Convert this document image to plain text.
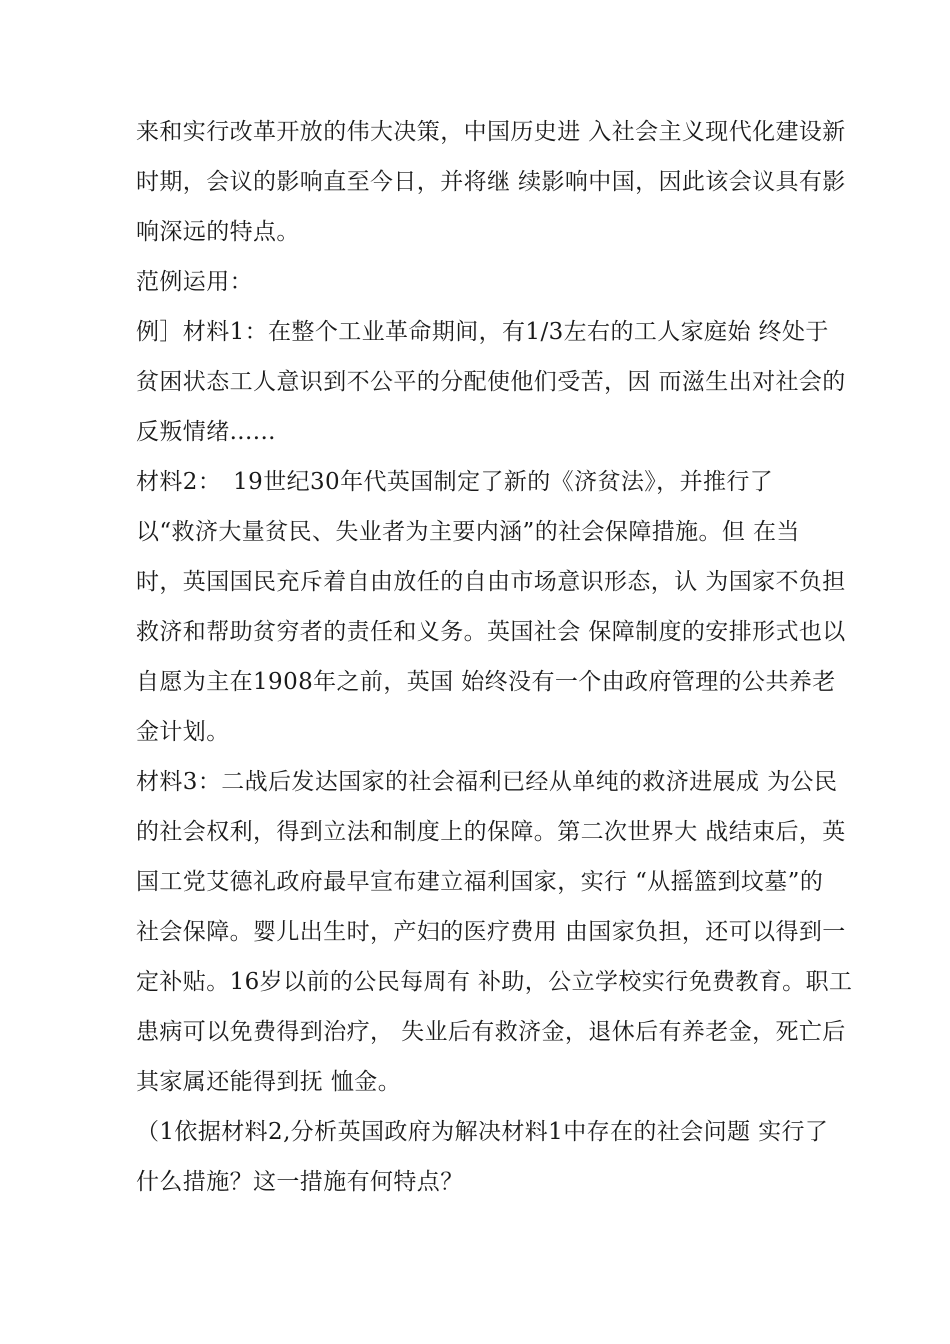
来和实行改革开放的伟大决策，中国历史进 入社会主义现代化建设新

时期，会议的影响直至今日，并将继 续影响中国，因此该会议具有影

响深远的特点。

范例运用：

例］材料1：在整个工业革命期间，有1/3左右的工人家庭始 终处于

贫困状态工人意识到不公平的分配使他们受苦，因 而滋生出对社会的

反叛情绪......

材料2：　19世纪30年代英国制定了新的《济贫法》，并推行了

以“救济大量贫民、失业者为主要内涵”的社会保障措施。但 在当

时，英国国民充斥着自由放任的自由市场意识形态，认 为国家不负担

救济和帮助贫穷者的责任和义务。英国社会 保障制度的安排形式也以

自愿为主在1908年之前，英国 始终没有一个由政府管理的公共养老

金计划。

材料3：二战后发达国家的社会福利已经从单纯的救济进展成 为公民

的社会权利，得到立法和制度上的保障。第二次世界大 战结束后，英

国工党艾德礼政府最早宣布建立福利国家，实行 “从摇篮到坟墓”的

社会保障。婴儿出生时，产妇的医疗费用 由国家负担，还可以得到一

定补贴。16岁以前的公民每周有 补助，公立学校实行免费教育。职工

患病可以免费得到治疗， 失业后有救济金，退休后有养老金，死亡后

其家属还能得到抚 恤金。

（1依据材料2,分析英国政府为解决材料1中存在的社会问题 实行了

什么措施？这一措施有何特点？
